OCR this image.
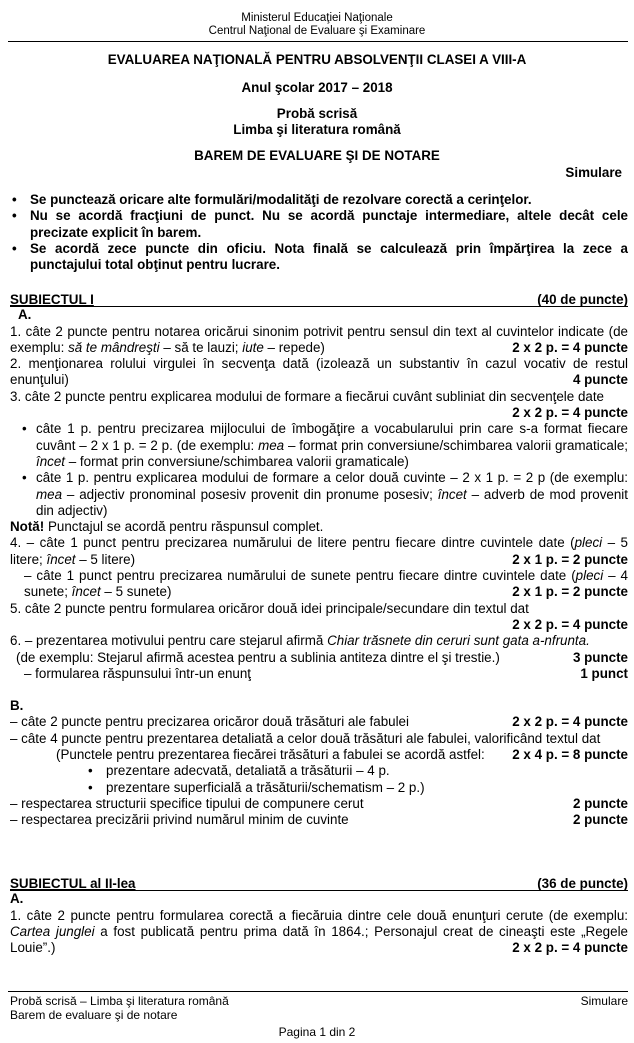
Ministerul Educaţiei Naţionale
Centrul Naţional de Evaluare şi Examinare
EVALUAREA NAŢIONALĂ PENTRU ABSOLVENŢII CLASEI A VIII-A
Anul şcolar 2017 – 2018
Probă scrisă
Limba şi literatura română
BAREM DE EVALUARE ŞI DE NOTARE
Simulare
• Se punctează oricare alte formulări/modalităţi de rezolvare corectă a cerinţelor.
• Nu se acordă fracţiuni de punct. Nu se acordă punctaje intermediare, altele decât cele precizate explicit în barem.
• Se acordă zece puncte din oficiu. Nota finală se calculează prin împărţirea la zece a punctajului total obţinut pentru lucrare.
SUBIECTUL I	(40 de puncte)
A.
1. câte 2 puncte pentru notarea oricărui sinonim potrivit pentru sensul din text al cuvintelor indicate (de exemplu: să te mândreşti – să te lauzi; iute – repede)	2 x 2 p. = 4 puncte
2. menţionarea rolului virgulei în secvenţa dată (izolează un substantiv în cazul vocativ de restul enunţului)	4 puncte
3. câte 2 puncte pentru explicarea modului de formare a fiecărui cuvânt subliniat din secvenţele date
2 x 2 p. = 4 puncte
• câte 1 p. pentru precizarea mijlocului de îmbogăţire a vocabularului prin care s-a format fiecare cuvânt – 2 x 1 p. = 2 p. (de exemplu: mea – format prin conversiune/schimbarea valorii gramaticale; încet – format prin conversiune/schimbarea valorii gramaticale)
• câte 1 p. pentru explicarea modului de formare a celor două cuvinte – 2 x 1 p. = 2 p (de exemplu: mea – adjectiv pronominal posesiv provenit din pronume posesiv; încet – adverb de mod provenit din adjectiv)
Notă! Punctajul se acordă pentru răspunsul complet.
4. – câte 1 punct pentru precizarea numărului de litere pentru fiecare dintre cuvintele date (pleci – 5 litere; încet – 5 litere)	2 x 1 p. = 2 puncte
– câte 1 punct pentru precizarea numărului de sunete pentru fiecare dintre cuvintele date (pleci – 4 sunete; încet – 5 sunete)	2 x 1 p. = 2 puncte
5. câte 2 puncte pentru formularea oricăror două idei principale/secundare din textul dat
2 x 2 p. = 4 puncte
6. – prezentarea motivului pentru care stejarul afirmă Chiar trăsnete din ceruri sunt gata a-nfrunta.
(de exemplu: Stejarul afirmă acestea pentru a sublinia antiteza dintre el şi trestie.)	3 puncte
– formularea răspunsului într-un enunţ	1 punct
B.
– câte 2 puncte pentru precizarea oricăror două trăsături ale fabulei	2 x 2 p. = 4 puncte
– câte 4 puncte pentru prezentarea detaliată a celor două trăsături ale fabulei, valorificând textul dat
2 x 4 p. = 8 puncte
(Punctele pentru prezentarea fiecărei trăsături a fabulei se acordă astfel:
• prezentare adecvată, detaliată a trăsăturii – 4 p.
• prezentare superficială a trăsăturii/schematism – 2 p.)
– respectarea structurii specifice tipului de compunere cerut	2 puncte
– respectarea precizării privind numărul minim de cuvinte	2 puncte
SUBIECTUL al II-lea	(36 de puncte)
A.
1. câte 2 puncte pentru formularea corectă a fiecăruia dintre cele două enunţuri cerute (de exemplu: Cartea junglei a fost publicată pentru prima dată în 1864.; Personajul creat de cineaşti este „Regele Louie”.)	2 x 2 p. = 4 puncte
Probă scrisă – Limba şi literatura română	Simulare
Barem de evaluare şi de notare
Pagina 1 din 2
